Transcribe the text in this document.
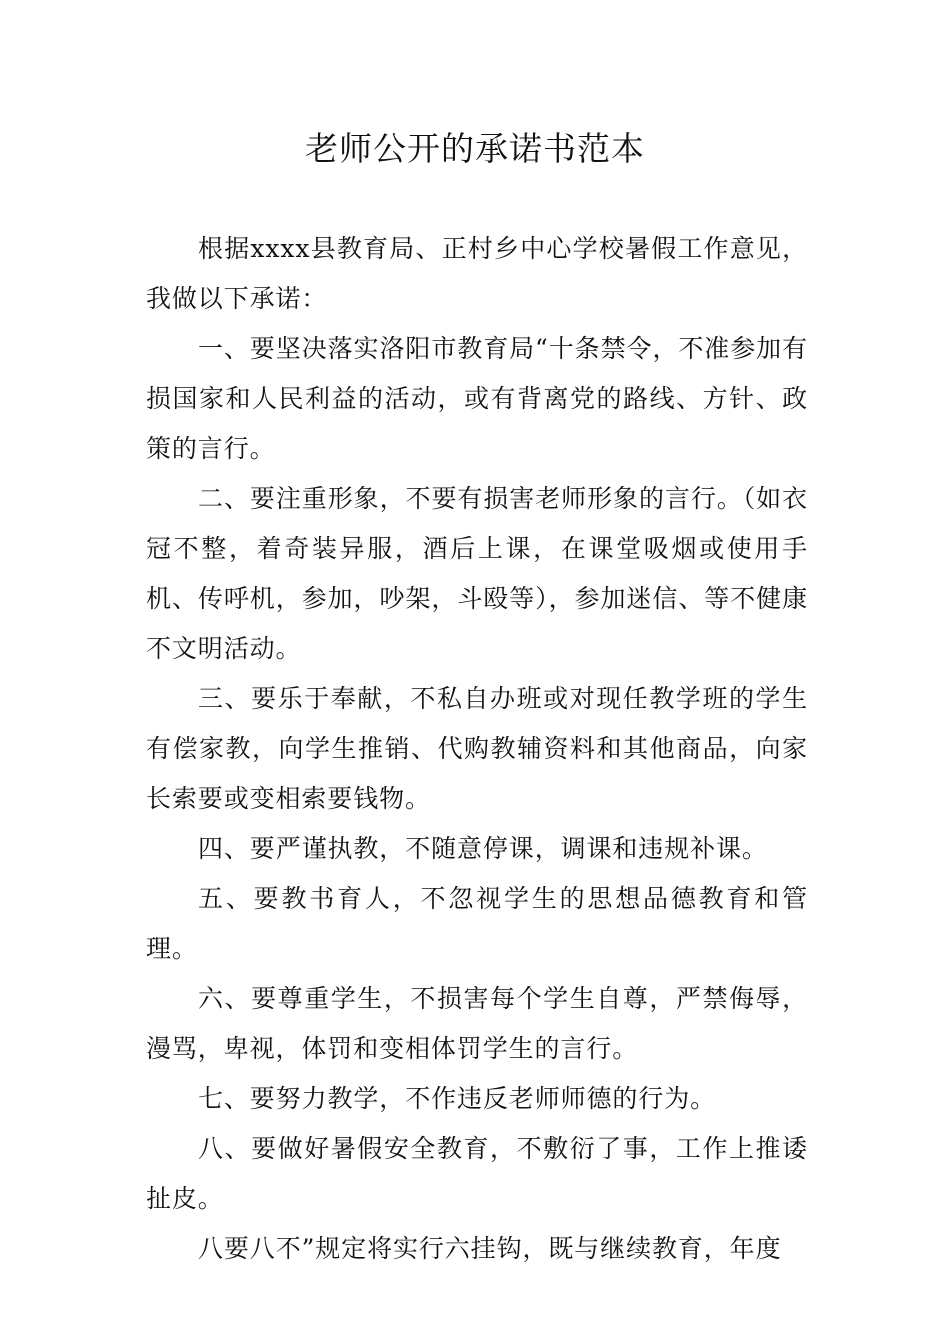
老师公开的承诺书范本

根据xxxx县教育局、正村乡中心学校暑假工作意见，我做以下承诺：

一、要坚决落实洛阳市教育局“十条禁令，不准参加有损国家和人民利益的活动，或有背离党的路线、方针、政策的言行。

二、要注重形象，不要有损害老师形象的言行。（如衣冠不整，着奇装异服，酒后上课，在课堂吸烟或使用手机、传呼机，参加，吵架，斗殴等），参加迷信、等不健康不文明活动。

三、要乐于奉献，不私自办班或对现任教学班的学生有偿家教，向学生推销、代购教辅资料和其他商品，向家长索要或变相索要钱物。

四、要严谨执教，不随意停课，调课和违规补课。

五、要教书育人，不忽视学生的思想品德教育和管理。

六、要尊重学生，不损害每个学生自尊，严禁侮辱，漫骂，卑视，体罚和变相体罚学生的言行。

七、要努力教学，不作违反老师师德的行为。

八、要做好暑假安全教育，不敷衍了事，工作上推诿扯皮。

八要八不”规定将实行六挂钩，既与继续教育，年度
